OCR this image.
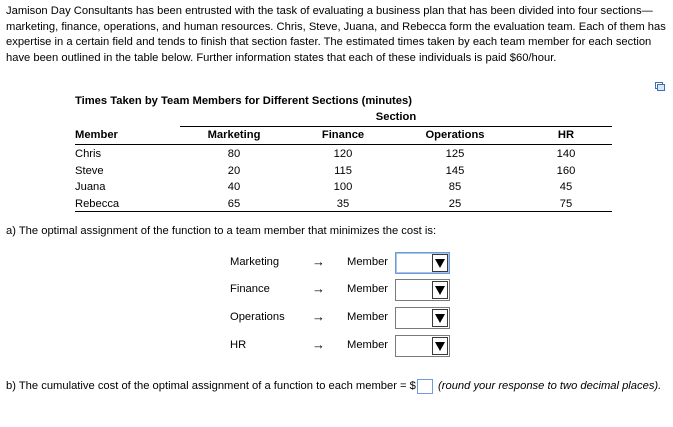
Jamison Day Consultants has been entrusted with the task of evaluating a business plan that has been divided into four sections—marketing, finance, operations, and human resources. Chris, Steve, Juana, and Rebecca form the evaluation team. Each of them has expertise in a certain field and tends to finish that section faster. The estimated times taken by each team member for each section have been outlined in the table below. Further information states that each of these individuals is paid $60/hour.
Times Taken by Team Members for Different Sections (minutes)
Section
Member	Marketing	Finance	Operations	HR
Chris	80	120	125	140
Steve	20	115	145	160
Juana	40	100	85	45
Rebecca	65	35	25	75
a) The optimal assignment of the function to a team member that minimizes the cost is:
Marketing	→ Member
Finance	→ Member
Operations → Member
HR	→ Member
b) The cumulative cost of the optimal assignment of a function to each member = $ (round your response to two decimal places).
